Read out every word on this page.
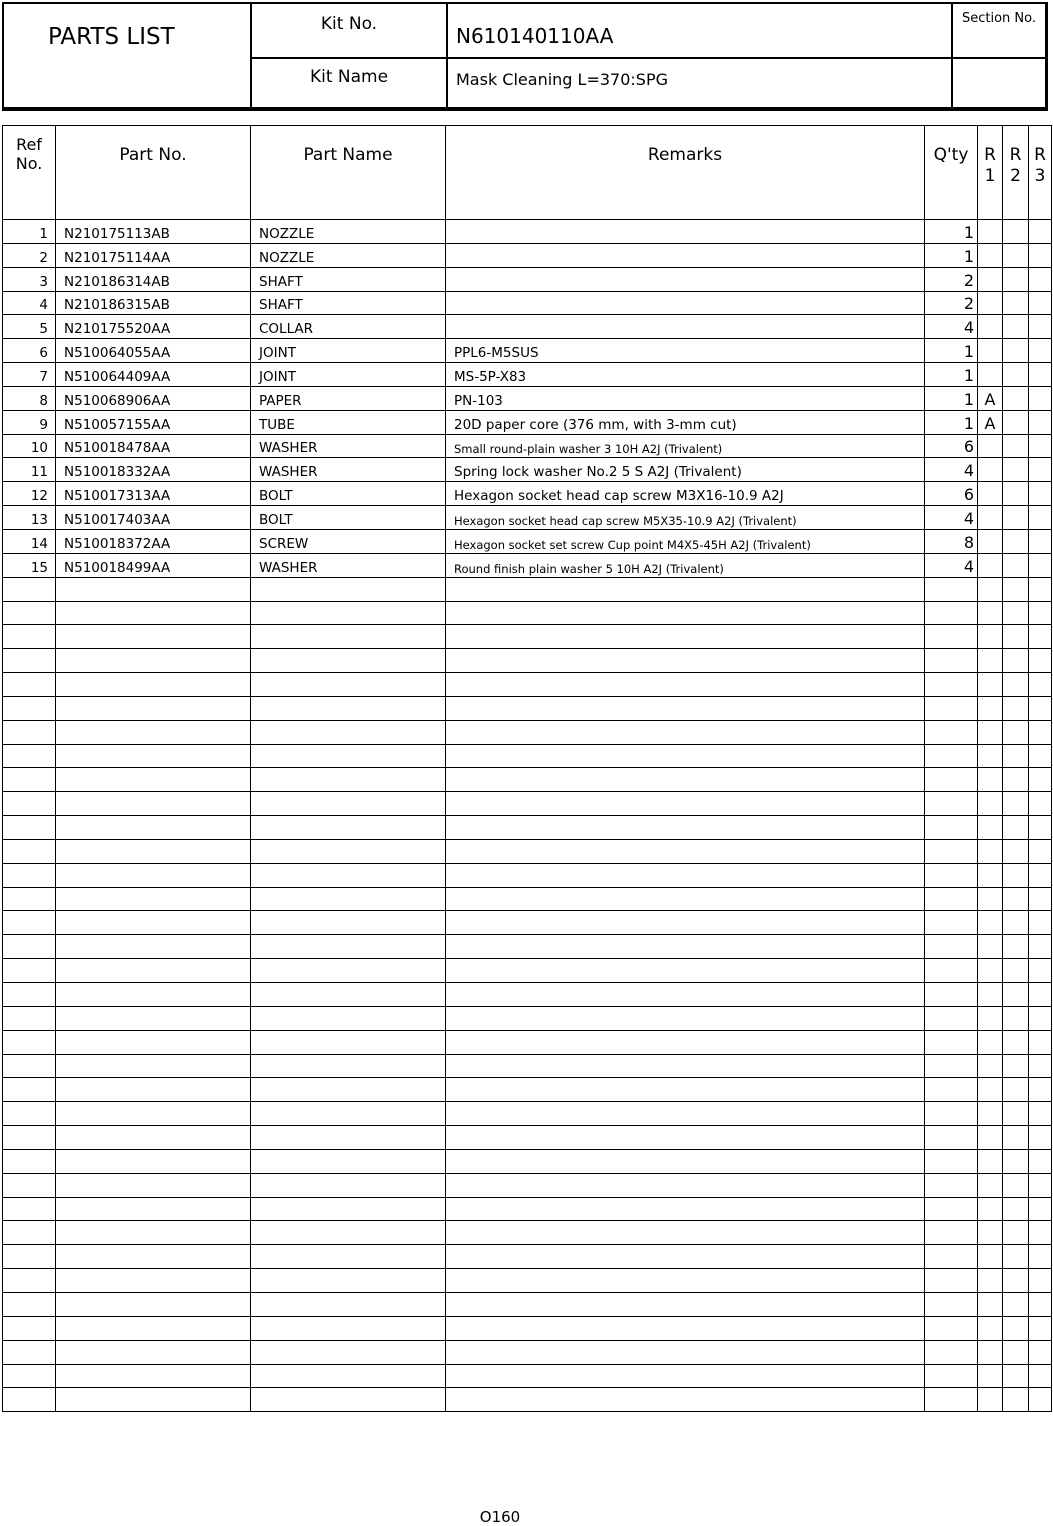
PARTS LIST	Kit No.	N610140110AA
Section No.
Kit Name	Mask Cleaning L=370:SPG
Ref No.	Part No.	Part Name	Remarks	Q'ty	R 1	R 2	R 3
1	N210175113AB	NOZZLE		1			
2	N210175114AA	NOZZLE		1			
3	N210186314AB	SHAFT		2			
4	N210186315AB	SHAFT		2			
5	N210175520AA	COLLAR		4			
6	N510064055AA	JOINT	PPL6-M5SUS	1			
7	N510064409AA	JOINT	MS-5P-X83	1			
8	N510068906AA	PAPER	PN-103	1	A		
9	N510057155AA	TUBE	20D paper core (376 mm, with 3-mm cut)	1	A		
10	N510018478AA	WASHER	Small round-plain washer 3 10H A2J (Trivalent)	6			
11	N510018332AA	WASHER	Spring lock washer No.2 5 S A2J (Trivalent)	4			
12	N510017313AA	BOLT	Hexagon socket head cap screw M3X16-10.9 A2J	6			
13	N510017403AA	BOLT	Hexagon socket head cap screw M5X35-10.9 A2J (Trivalent)	4			
14	N510018372AA	SCREW	Hexagon socket set screw Cup point M4X5-45H A2J (Trivalent)	8			
15	N510018499AA	WASHER	Round finish plain washer 5 10H A2J (Trivalent)	4			

O160
